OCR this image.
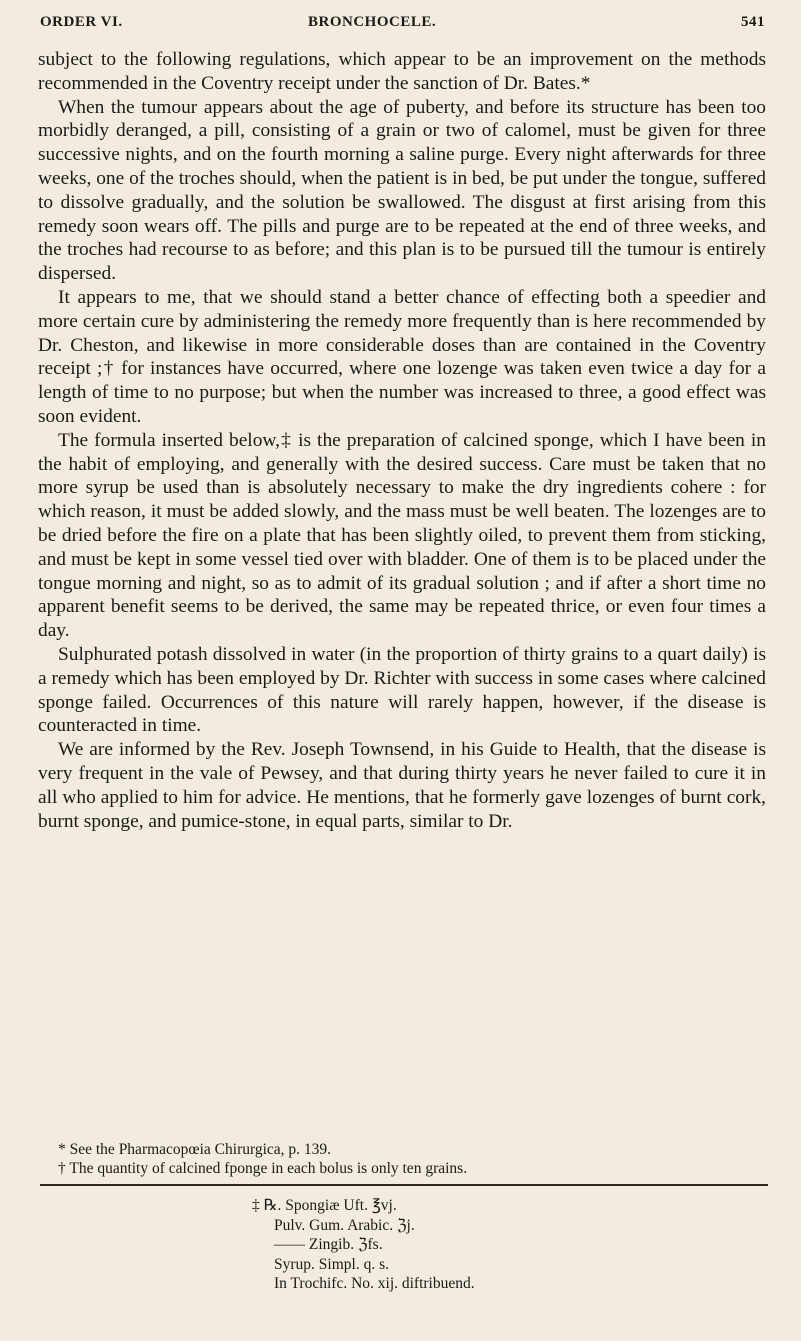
ORDER VI.	BRONCHOCELE.	541

subject to the following regulations, which appear to be an improvement on the methods recommended in the Coventry receipt under the sanction of Dr. Bates.*

When the tumour appears about the age of puberty, and before its structure has been too morbidly deranged, a pill, consisting of a grain or two of calomel, must be given for three successive nights, and on the fourth morning a saline purge. Every night afterwards for three weeks, one of the troches should, when the patient is in bed, be put under the tongue, suffered to dissolve gradually, and the solution be swallowed. The disgust at first arising from this remedy soon wears off. The pills and purge are to be repeated at the end of three weeks, and the troches had recourse to as before; and this plan is to be pursued till the tumour is entirely dispersed.

It appears to me, that we should stand a better chance of effecting both a speedier and more certain cure by administering the remedy more frequently than is here recommended by Dr. Cheston, and likewise in more considerable doses than are contained in the Coventry receipt ;† for instances have occurred, where one lozenge was taken even twice a day for a length of time to no purpose; but when the number was increased to three, a good effect was soon evident.

The formula inserted below,‡ is the preparation of calcined sponge, which I have been in the habit of employing, and generally with the desired success. Care must be taken that no more syrup be used than is absolutely necessary to make the dry ingredients cohere : for which reason, it must be added slowly, and the mass must be well beaten. The lozenges are to be dried before the fire on a plate that has been slightly oiled, to prevent them from sticking, and must be kept in some vessel tied over with bladder. One of them is to be placed under the tongue morning and night, so as to admit of its gradual solution ; and if after a short time no apparent benefit seems to be derived, the same may be repeated thrice, or even four times a day.

Sulphurated potash dissolved in water (in the proportion of thirty grains to a quart daily) is a remedy which has been employed by Dr. Richter with success in some cases where calcined sponge failed. Occurrences of this nature will rarely happen, however, if the disease is counteracted in time.

We are informed by the Rev. Joseph Townsend, in his Guide to Health, that the disease is very frequent in the vale of Pewsey, and that during thirty years he never failed to cure it in all who applied to him for advice. He mentions, that he formerly gave lozenges of burnt cork, burnt sponge, and pumice-stone, in equal parts, similar to Dr.

* See the Pharmacopœia Chirurgica, p. 139.

† The quantity of calcined fponge in each bolus is only ten grains.

‡ ℞. Spongiæ Uft. ℥vj.
Pulv. Gum. Arabic. ℨj.
—— Zingib. ℨfs.
Syrup. Simpl. q. s.
In Trochifc. No. xij. diftribuend.
